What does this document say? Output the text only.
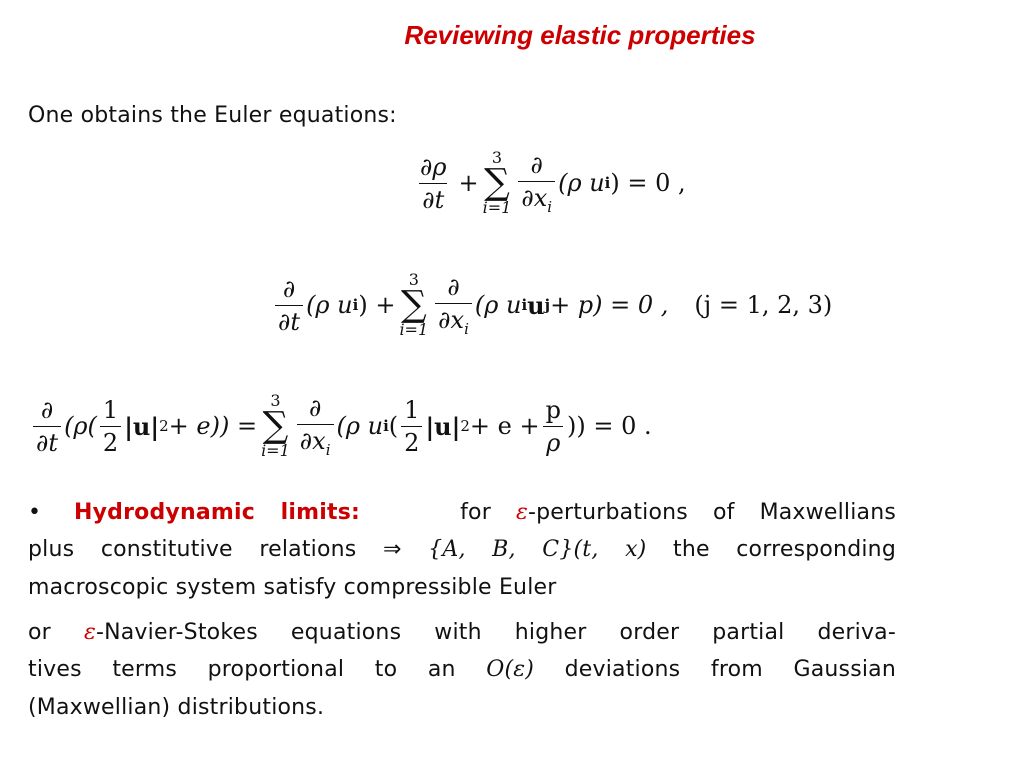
Reviewing elastic properties
One obtains the Euler equations:
$\frac{\partial\rho}{\partial t}$ +
3
∑
$i=1 \frac{\partial}{\partial x_i} (\rho$ u i ) = 0 ,
$\frac{\partial}{\partial t} (\rho$ u i ) +
3
∑
$i=1 \frac{\partial}{\partial x_i} (\rho$ u i u j + p) = 0 , (j = 1, 2, 3)
$\frac{\partial}{\partial t} (\rho( \frac{1}{2} |u|$ 2 + e)) =
3
∑
$i=1 \frac{\partial}{\partial x_i} (\rho$ u i ( $\frac{1}{2} |u|$ $2 + e + \frac{p}{\rho}$ )) = 0 .
• Hydrodynamic limits:	for ε-perturbations of Maxwellians
plus constitutive relations ⇒ {A, B, C}(t, x) the corresponding
macroscopic system satisfy compressible Euler
or ε-Navier-Stokes equations with higher order partial deriva-
tives terms proportional to an O(ε) deviations from Gaussian
(Maxwellian) distributions.
